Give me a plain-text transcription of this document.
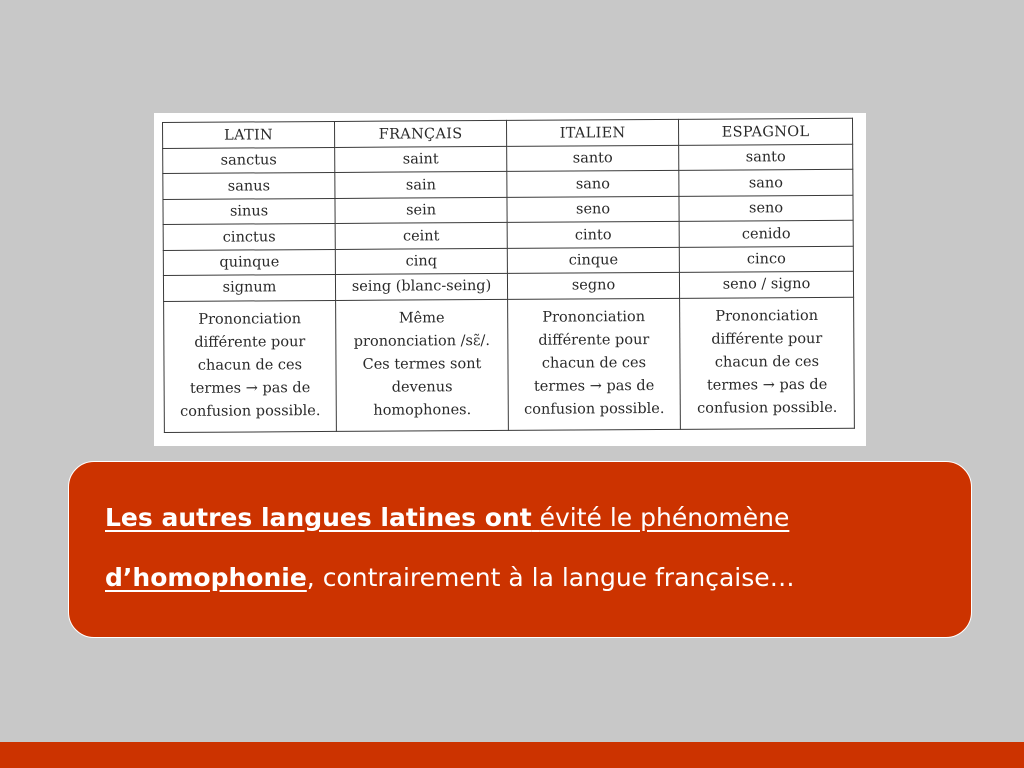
LATIN	FRANÇAIS	ITALIEN	ESPAGNOL
sanctus	saint	santo	santo
sanus	sain	sano	sano
sinus	sein	seno	seno
cinctus	ceint	cinto	cenido
quinque	cinq	cinque	cinco
signum	seing (blanc-seing)	segno	seno / signo
Prononciation
différente pour
chacun de ces
termes → pas de
confusion possible.	Même
prononciation /sɛ̃/.
Ces termes sont
devenus
homophones.	Prononciation
différente pour
chacun de ces
termes → pas de
confusion possible.	Prononciation
différente pour
chacun de ces
termes → pas de
confusion possible.

Les autres langues latines ont évité le phénomène d’homophonie, contrairement à la langue française…
